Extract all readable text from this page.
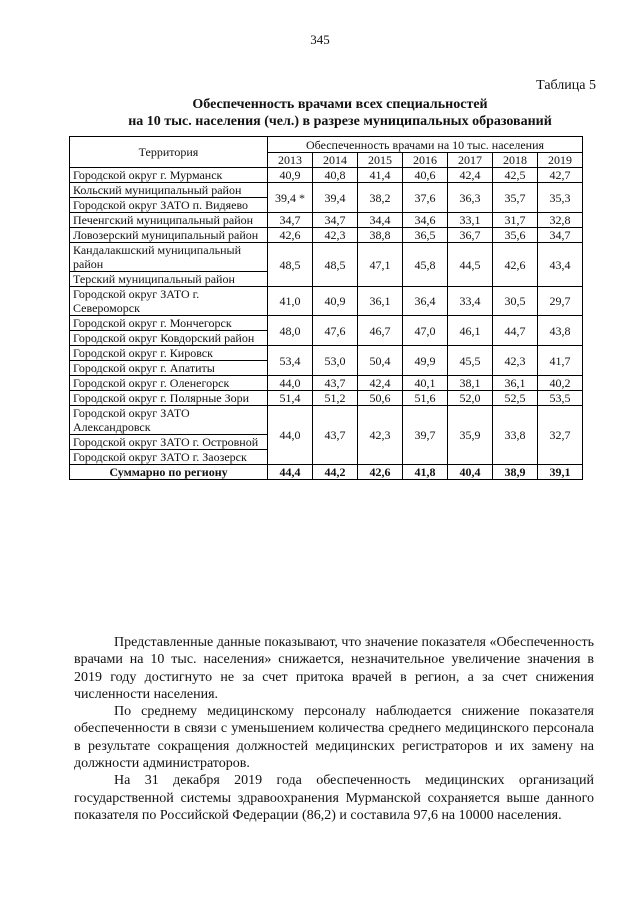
345
Таблица 5
Обеспеченность врачами всех специальностей
на 10 тыс. населения (чел.) в разрезе муниципальных образований
Территория	Обеспеченность врачами на 10 тыс. населения						
	2013	2014	2015	2016	2017	2018	2019
Городской округ г. Мурманск	40,9	40,8	41,4	40,6	42,4	42,5	42,7
Кольский муниципальный район	39,4 *	39,4	38,2	37,6	36,3	35,7	35,3
Городской округ ЗАТО п. Видяево							
Печенгский муниципальный район	34,7	34,7	34,4	34,6	33,1	31,7	32,8
Ловозерский муниципальный район	42,6	42,3	38,8	36,5	36,7	35,6	34,7
Кандалакшский муниципальный район	48,5	48,5	47,1	45,8	44,5	42,6	43,4
Терский муниципальный район							
Городской округ ЗАТО г. Североморск	41,0	40,9	36,1	36,4	33,4	30,5	29,7
Городской округ г. Мончегорск	48,0	47,6	46,7	47,0	46,1	44,7	43,8
Городской округ Ковдорский район							
Городской округ г. Кировск	53,4	53,0	50,4	49,9	45,5	42,3	41,7
Городской округ г. Апатиты							
Городской округ г. Оленегорск	44,0	43,7	42,4	40,1	38,1	36,1	40,2
Городской округ г. Полярные Зори	51,4	51,2	50,6	51,6	52,0	52,5	53,5
Городской округ ЗАТО Александровск	44,0	43,7	42,3	39,7	35,9	33,8	32,7
Городской округ ЗАТО г. Островной							
Городской округ ЗАТО г. Заозерск							
Суммарно по региону	44,4	44,2	42,6	41,8	40,4	38,9	39,1

Представленные данные показывают, что значение показателя «Обеспеченность врачами на 10 тыс. населения» снижается, незначительное увеличение значения в 2019 году достигнуто не за счет притока врачей в регион, а за счет снижения численности населения.

По среднему медицинскому персоналу наблюдается снижение показателя обеспеченности в связи с уменьшением количества среднего медицинского персонала в результате сокращения должностей медицинских регистраторов и их замену на должности администраторов.

На 31 декабря 2019 года обеспеченность медицинских организаций государственной системы здравоохранения Мурманской сохраняется выше данного показателя по Российской Федерации (86,2) и составила 97,6 на 10000 населения.
